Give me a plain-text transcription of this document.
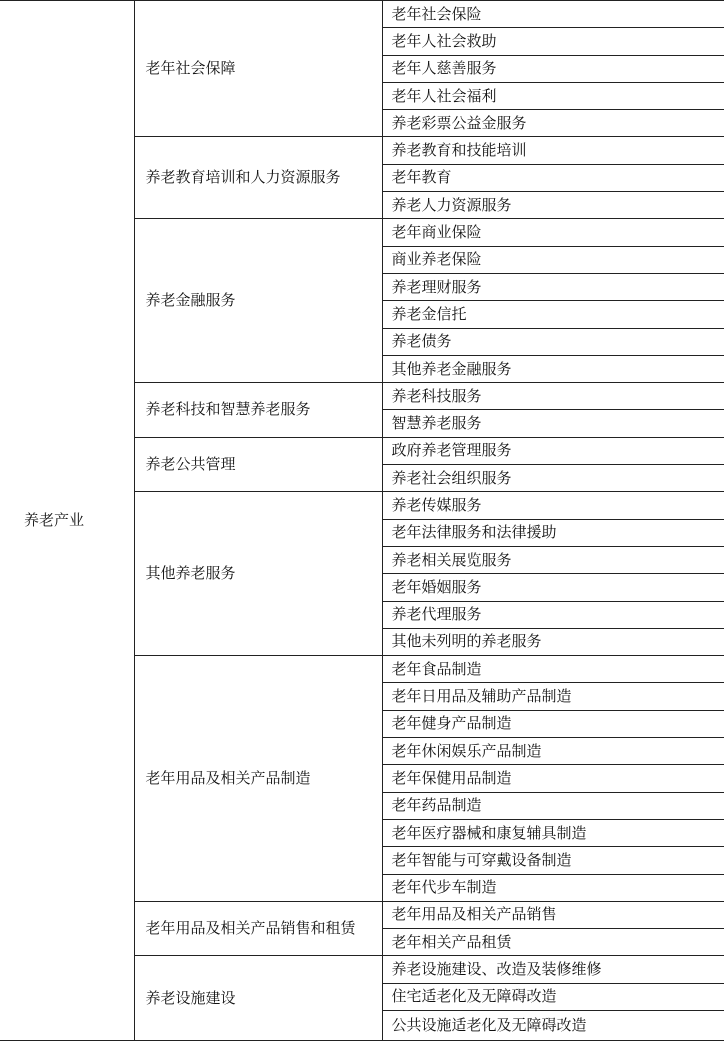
养老产业	老年社会保障	老年社会保险
		老年人社会救助
		老年人慈善服务
		老年人社会福利
		养老彩票公益金服务
	养老教育培训和人力资源服务	养老教育和技能培训
		老年教育
		养老人力资源服务
	养老金融服务	老年商业保险
		商业养老保险
		养老理财服务
		养老金信托
		养老债务
		其他养老金融服务
	养老科技和智慧养老服务	养老科技服务
		智慧养老服务
	养老公共管理	政府养老管理服务
		养老社会组织服务
	其他养老服务	养老传媒服务
		老年法律服务和法律援助
		养老相关展览服务
		老年婚姻服务
		养老代理服务
		其他未列明的养老服务
	老年用品及相关产品制造	老年食品制造
		老年日用品及辅助产品制造
		老年健身产品制造
		老年休闲娱乐产品制造
		老年保健用品制造
		老年药品制造
		老年医疗器械和康复辅具制造
		老年智能与可穿戴设备制造
		老年代步车制造
	老年用品及相关产品销售和租赁	老年用品及相关产品销售
		老年相关产品租赁
	养老设施建设	养老设施建设、改造及装修维修
		住宅适老化及无障碍改造
		公共设施适老化及无障碍改造
